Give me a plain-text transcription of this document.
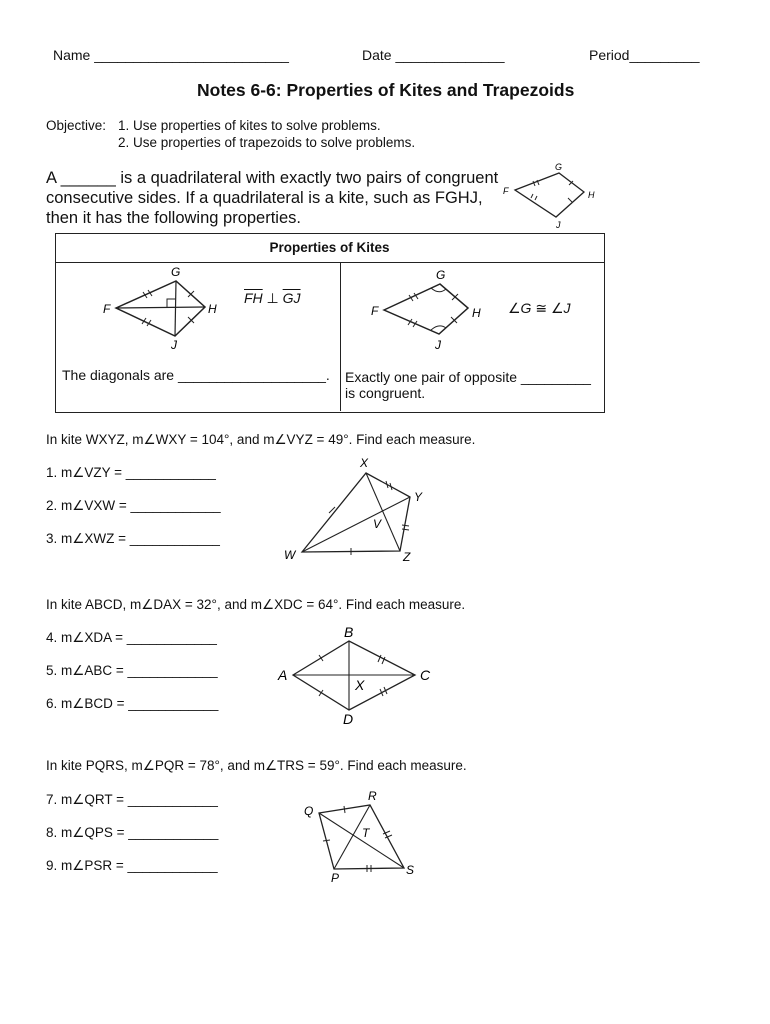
Name _________________________	Date ______________	Period_________
Notes 6-6: Properties of Kites and Trapezoids
Objective: 1. Use properties of kites to solve problems.
2. Use properties of trapezoids to solve problems.
A ______ is a quadrilateral with exactly two pairs of congruent
consecutive sides. If a quadrilateral is a kite, such as FGHJ,
then it has the following properties.
G
F	H
J
Properties of Kites
G
F	H
J
$\overline{FH}$ ⊥ $\overline{GJ}$
The diagonals are ___________________.
G
F	H
J
∠G ≅ ∠J
Exactly one pair of opposite _________
is congruent.
In kite WXYZ, m∠WXY = 104°, and m∠VYZ = 49°. Find each measure.
1. m∠VZY = ____________
2. m∠VXW = ____________
3. m∠XWZ = ____________
X
Y
V
W	Z
In kite ABCD, m∠DAX = 32°, and m∠XDC = 64°. Find each measure.
4. m∠XDA = ____________
5. m∠ABC = ____________
6. m∠BCD = ____________
B
A	C
D
X
In kite PQRS, m∠PQR = 78°, and m∠TRS = 59°. Find each measure.
7. m∠QRT = ____________
8. m∠QPS = ____________
9. m∠PSR = ____________
Q
R
T
P
S
